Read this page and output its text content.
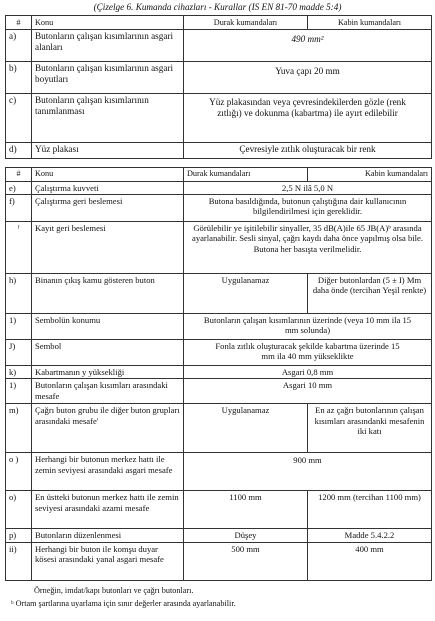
(Çizelge 6. Kumanda cihazları - Kurallar (IS EN 81-70 madde 5:4)
#	Konu	Durak kumandaları	Kabin kumandaları
a)	Butonların çalışan kısımlarının asgari alanları	490 mm²	
b)	Butonların çalışan kısımlarının asgari boyutları	Yuva çapı 20 mm	
c)	Butonların çalışan kısımlarının tanımlanması	Yüz plakasından veya çevresindekilerden gözle (renk zıtlığı) ve dokunma (kabartma) ile ayırt edilebilir	
d)	Yüz plakası	Çevresiyle zıtlık oluşturacak bir renk	
#	Konu	Durak kumandaları	Kabin kumandaları
e)	Çalıştırma kuvveti	2,5 N ilâ 5,0 N	
f)	Çalıştırma geri beslemesi	Butona basıldığında, butonun çalıştığına dair kullanıcının bilgilendirilmesi için gereklidir.	
ᶠ	Kayıt geri beslemesi	Görülebilir ye işitilebilir sinyaller, 35 dB(A)ile 65 JB(A)ᵇ arasında ayarlanabilir. Sesli sinyal, çağrı kaydı daha önce yapılmış olsa bile. Butona her basışta verilmelidir.	
h)	Binanın çıkış kamu gösteren buton	Uygulanamaz	Diğer butonlardan (5 ± I) Mm daha önde (tercihan Yeşil renkte)
1)	Sembolün konumu	Butonların çalışan kısımlarının üzerinde (veya 10 mm ila 15 mm solunda)	
J)	Sembol	Fonla zıtlık oluşturacak şekilde kabartma üzerinde 15 mm ila 40 mm yükseklikte	
k)	Kabartmanın y yüksekliği	Asgari 0,8 mm	
1)	Butonların çalışan kısımları arasındaki mesafe	Asgari 10 mm	
m)	Çağrı buton grubu ile diğer buton grupları arasındaki mesafe'	Uygulanamaz	En az çağrı butonlarının çalışan kısımları arasındanki mesafenin iki katı
o )	Herhangi bir butonun merkez hattı ile zemin seviyesi arasındaki asgari mesafe	900 mm	
o)	En üstteki butonun merkez hattı ile zemin seviyesi arasındaki azami mesafe	1100 mm	1200 mm (tercihan 1100 mm)
p)	Butonların düzenlenmesi	Düşey	Madde 5.4.2.2
ii)	Herhangi bir buton ile komşu duyar kösesi arasındaki yanal asgari mesafe	500 mm	400 mm
Örneğin, imdat/kapı butonları ve çağrı butonları.
ᵇ Ortam şartlarına uyarlama için sınır değerler arasında ayarlanabilir.
